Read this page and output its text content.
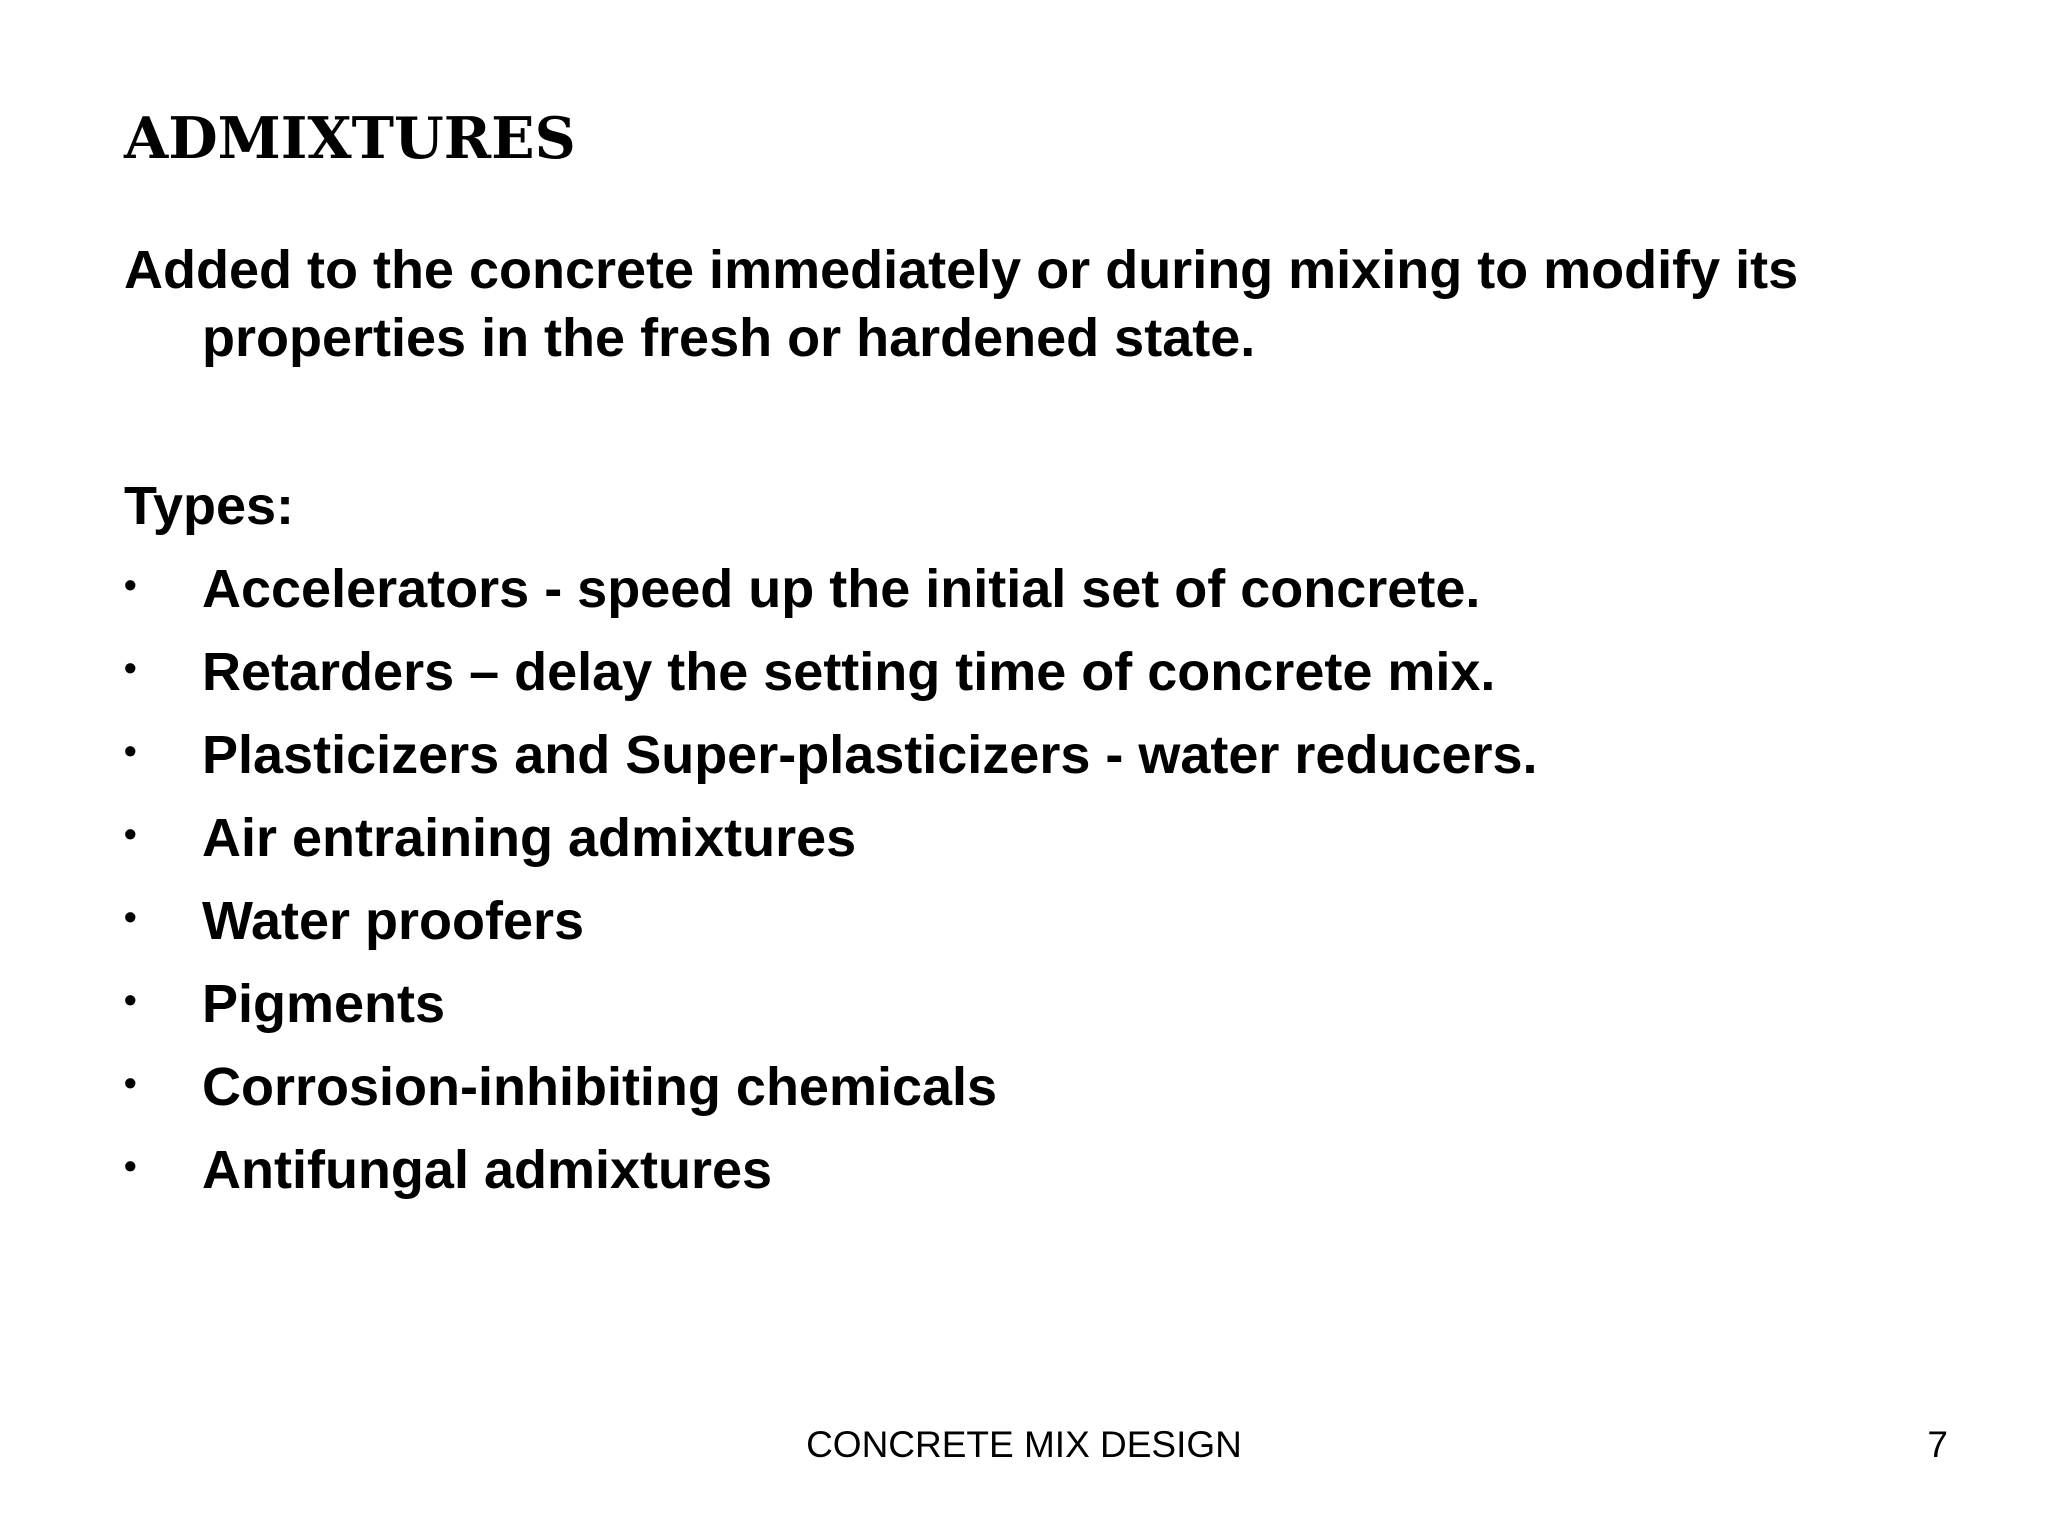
ADMIXTURES
Added to the concrete immediately or during mixing to modify its properties in the fresh or hardened state.
Types:
• Accelerators - speed up the initial set of concrete.
• Retarders – delay the setting time of concrete mix.
• Plasticizers and Super-plasticizers - water reducers.
• Air entraining admixtures
• Water proofers
• Pigments
• Corrosion-inhibiting chemicals
• Antifungal admixtures
CONCRETE MIX DESIGN	7
